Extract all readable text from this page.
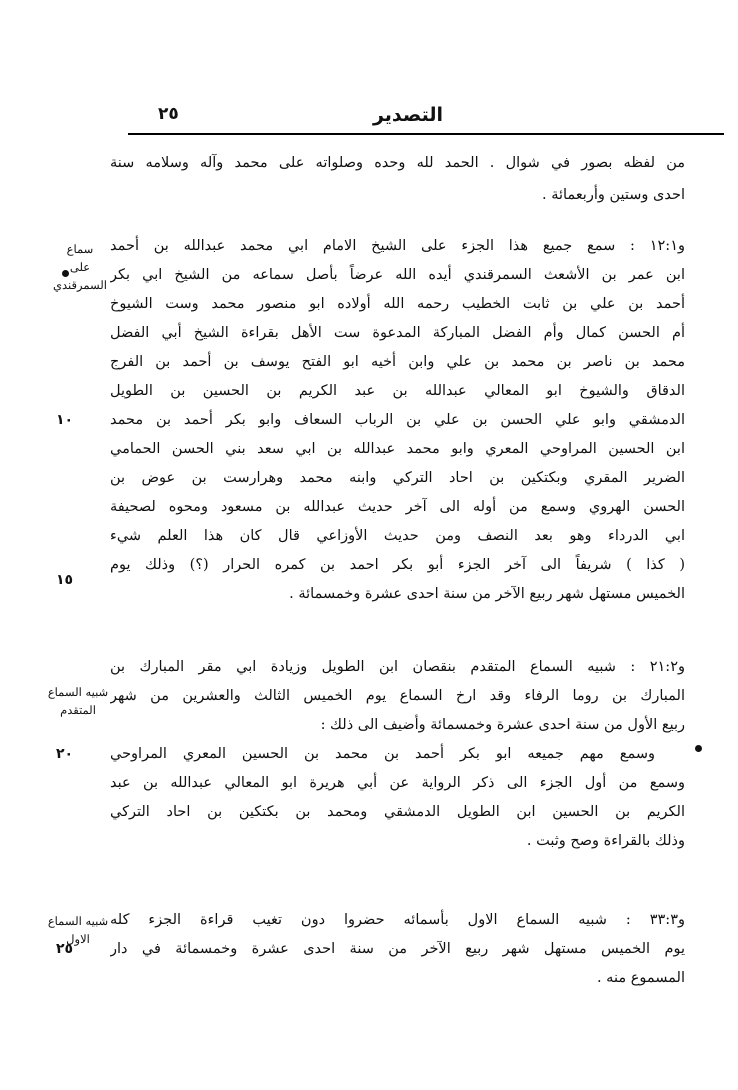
٢٥	التصدير
من لفظه بصور في شوال . الحمد لله وحده وصلواته على محمد وآله وسلامه سنة
احدى وستين وأربعمائة .
و١٢:١ : سمع جميع هذا الجزء على الشيخ الامام ابي محمد عبدالله بن أحمد
ابن عمر بن الأشعث السمرقندي أيده الله عرضاً بأصل سماعه من الشيخ ابي بكر
أحمد بن علي بن ثابت الخطيب رحمه الله أولاده ابو منصور محمد وست الشيوخ
أم الحسن كمال وأم الفضل المباركة المدعوة ست الأهل بقراءة الشيخ أبي الفضل
محمد بن ناصر بن محمد بن علي وابن أخيه ابو الفتح يوسف بن أحمد بن الفرج
الدقاق والشيوخ ابو المعالي عبدالله بن عبد الكريم بن الحسين بن الطويل
الدمشقي وابو علي الحسن بن علي بن الرباب السعاف وابو بكر أحمد بن محمد
ابن الحسين المراوحي المعري وابو محمد عبدالله بن ابي سعد بني الحسن الحمامي
الضرير المقري وبكتكين بن احاد التركي وابنه محمد وهرارست بن عوض بن
الحسن الهروي وسمع من أوله الى آخر حديث عبدالله بن مسعود ومحوه لصحيفة
ابي الدرداء وهو بعد النصف ومن حديث الأوزاعي قال كان هذا العلم شيء
( كذا ) شريفاً الى آخر الجزء أبو بكر احمد بن كمره الحرار (؟) وذلك يوم
الخميس مستهل شهر ربيع الآخر من سنة احدى عشرة وخمسمائة .
و٢١:٢ : شبيه السماع المتقدم بنقصان ابن الطويل وزيادة ابي مقر المبارك بن
المبارك بن روما الرفاء وقد ارخ السماع يوم الخميس الثالث والعشرين من شهر
ربيع الأول من سنة احدى عشرة وخمسمائة وأضيف الى ذلك :
وسمع مهم جميعه ابو بكر أحمد بن محمد بن الحسين المعري المراوحي
وسمع من أول الجزء الى ذكر الرواية عن أبي هريرة ابو المعالي عبدالله بن عبد
الكريم بن الحسين ابن الطويل الدمشقي ومحمد بن بكتكين بن احاد التركي
وذلك بالقراءة وصح وثبت .
و٣٣:٣ : شبيه السماع الاول بأسمائه حضروا دون تغيب قراءة الجزء كله
يوم الخميس مستهل شهر ربيع الآخر من سنة احدى عشرة وخمسمائة في دار
المسموع منه .
١٠
١٥
٢٠
٢٥
سماع
على
السمرقندي
شبيه السماع
المتقدم
شبيه السماع
الاول
